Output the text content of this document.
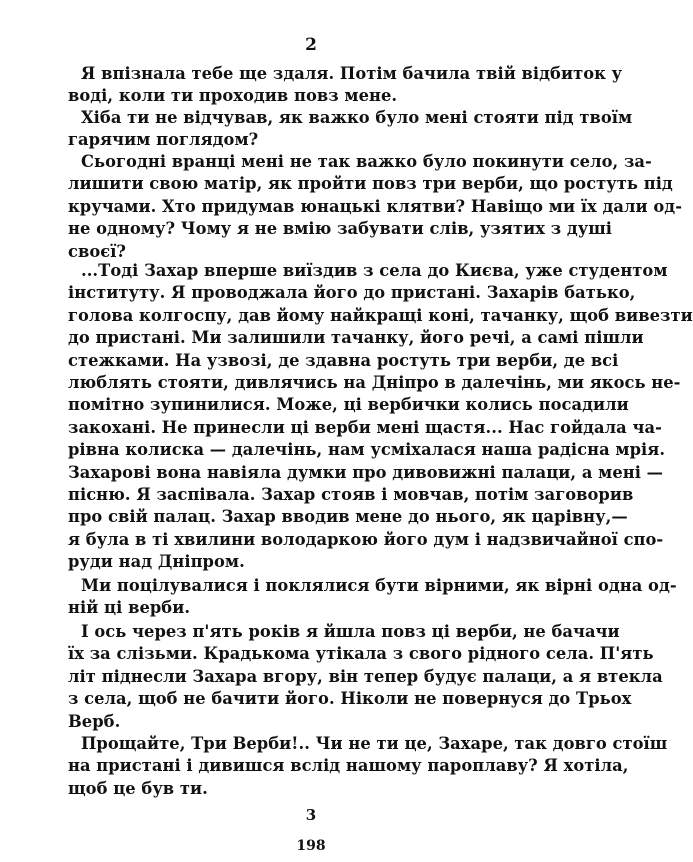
2
Я впізнала тебе ще здаля. Потім бачила твій відбиток у
воді, коли ти проходив повз мене.
Хіба ти не відчував, як важко було мені стояти під твоїм
гарячим поглядом?
Сьогодні вранці мені не так важко було покинути село, за-
лишити свою матір, як пройти повз три верби, що ростуть під
кручами. Хто придумав юнацькі клятви? Навіщо ми їх дали од-
не одному? Чому я не вмію забувати слів, узятих з душі
своєї?
...Тоді Захар вперше виїздив з села до Києва, уже студентом
інституту. Я проводжала його до пристані. Захарів батько,
голова колгоспу, дав йому найкращі коні, тачанку, щоб вивезти
до пристані. Ми залишили тачанку, його речі, а самі пішли
стежками. На узвозі, де здавна ростуть три верби, де всі
люблять стояти, дивлячись на Дніпро в далечінь, ми якось не-
помітно зупинилися. Може, ці вербички колись посадили
закохані. Не принесли ці верби мені щастя... Нас гойдала ча-
рівна колиска — далечінь, нам усміхалася наша радісна мрія.
Захарові вона навіяла думки про дивовижні палаци, а мені —
пісню. Я заспівала. Захар стояв і мовчав, потім заговорив
про свій палац. Захар вводив мене до нього, як царівну,—
я була в ті хвилини володаркою його дум і надзвичайної спо-
руди над Дніпром.
Ми поцілувалися і поклялися бути вірними, як вірні одна од-
ній ці верби.
І ось через п'ять років я йшла повз ці верби, не бачачи
їх за слізьми. Крадькома утікала з свого рідного села. П'ять
літ піднесли Захара вгору, він тепер будує палаци, а я втекла
з села, щоб не бачити його. Ніколи не повернуся до Трьох
Верб.
Прощайте, Три Верби!.. Чи не ти це, Захаре, так довго стоїш
на пристані і дивишся вслід нашому пароплаву? Я хотіла,
щоб це був ти.
3
198
